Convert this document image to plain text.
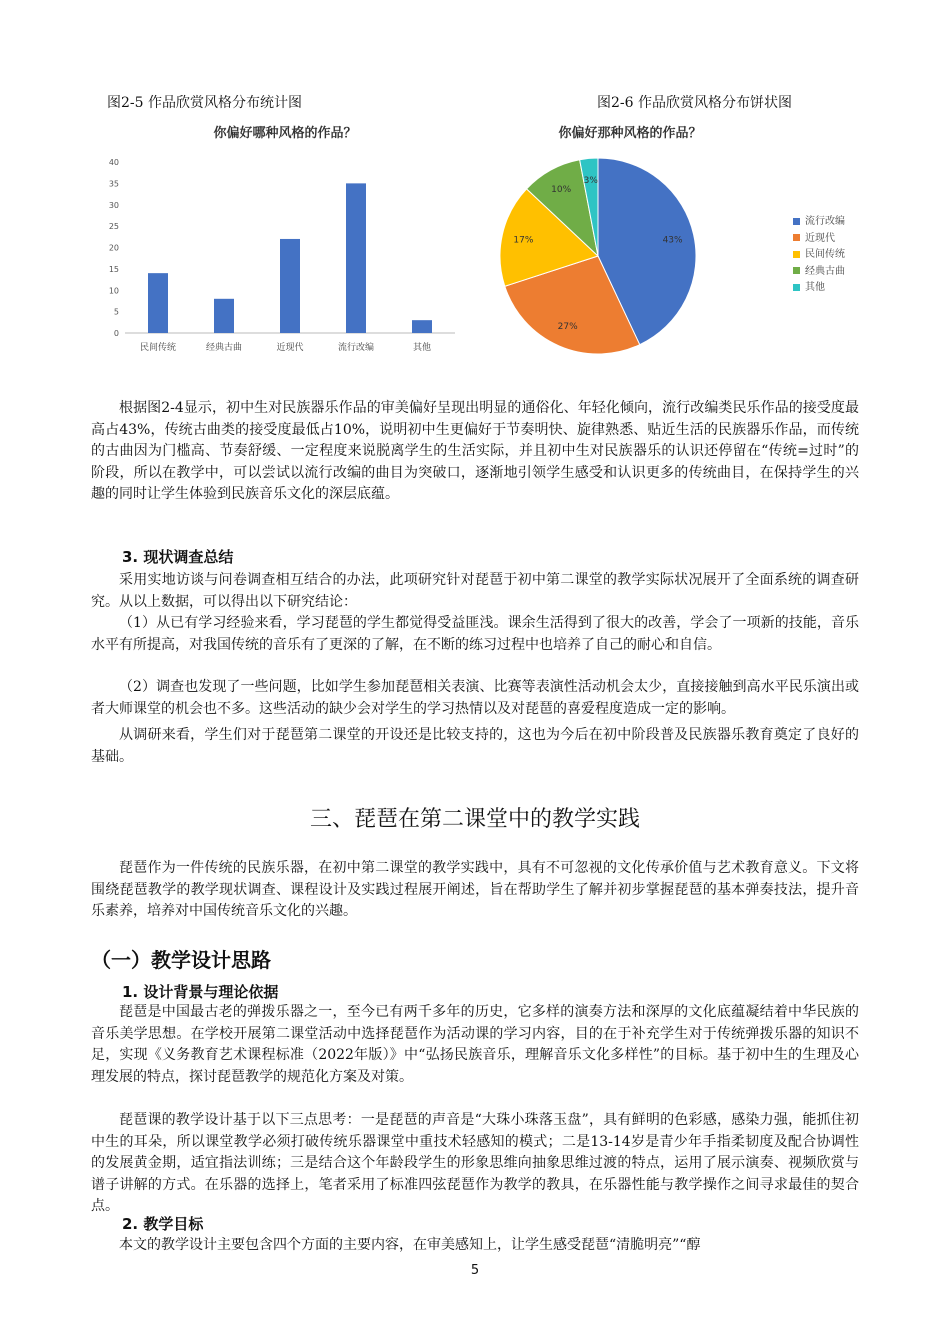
图2-5 作品欣赏风格分布统计图	图2-6 作品欣赏风格分布饼状图
你偏好哪种风格的作品？
0
5
10
15
20
25
30
35
40
民间传统	经典古曲	近现代	流行改编	其他
你偏好那种风格的作品？
43%
27%
17%
10%
3%
流行改编
近现代
民间传统
经典古曲
其他
根据图2-4显示，初中生对民族器乐作品的审美偏好呈现出明显的通俗化、年轻化倾向，流行改编类民乐作品的接受度最高占43%，传统古曲类的接受度最低占10%，说明初中生更偏好于节奏明快、旋律熟悉、贴近生活的民族器乐作品，而传统的古曲因为门槛高、节奏舒缓、一定程度来说脱离学生的生活实际，并且初中生对民族器乐的认识还停留在“传统=过时”的阶段，所以在教学中，可以尝试以流行改编的曲目为突破口，逐渐地引领学生感受和认识更多的传统曲目，在保持学生的兴趣的同时让学生体验到民族音乐文化的深层底蕴。
3. 现状调查总结
采用实地访谈与问卷调查相互结合的办法，此项研究针对琵琶于初中第二课堂的教学实际状况展开了全面系统的调查研究。从以上数据，可以得出以下研究结论：
（1）从已有学习经验来看，学习琵琶的学生都觉得受益匪浅。课余生活得到了很大的改善，学会了一项新的技能，音乐水平有所提高，对我国传统的音乐有了更深的了解，在不断的练习过程中也培养了自己的耐心和自信。
（2）调查也发现了一些问题，比如学生参加琵琶相关表演、比赛等表演性活动机会太少，直接接触到高水平民乐演出或者大师课堂的机会也不多。这些活动的缺少会对学生的学习热情以及对琵琶的喜爱程度造成一定的影响。
从调研来看，学生们对于琵琶第二课堂的开设还是比较支持的，这也为今后在初中阶段普及民族器乐教育奠定了良好的基础。
三、琵琶在第二课堂中的教学实践
琵琶作为一件传统的民族乐器，在初中第二课堂的教学实践中，具有不可忽视的文化传承价值与艺术教育意义。下文将围绕琵琶教学的教学现状调查、课程设计及实践过程展开阐述，旨在帮助学生了解并初步掌握琵琶的基本弹奏技法，提升音乐素养，培养对中国传统音乐文化的兴趣。
（一）教学设计思路
1. 设计背景与理论依据
琵琶是中国最古老的弹拨乐器之一，至今已有两千多年的历史，它多样的演奏方法和深厚的文化底蕴凝结着中华民族的音乐美学思想。在学校开展第二课堂活动中选择琵琶作为活动课的学习内容，目的在于补充学生对于传统弹拨乐器的知识不足，实现《义务教育艺术课程标准（2022年版）》中“弘扬民族音乐，理解音乐文化多样性”的目标。基于初中生的生理及心理发展的特点，探讨琵琶教学的规范化方案及对策。
琵琶课的教学设计基于以下三点思考：一是琵琶的声音是“大珠小珠落玉盘”，具有鲜明的色彩感，感染力强，能抓住初中生的耳朵，所以课堂教学必须打破传统乐器课堂中重技术轻感知的模式；二是13-14岁是青少年手指柔韧度及配合协调性的发展黄金期，适宜指法训练；三是结合这个年龄段学生的形象思维向抽象思维过渡的特点，运用了展示演奏、视频欣赏与谱子讲解的方式。在乐器的选择上，笔者采用了标准四弦琵琶作为教学的教具，在乐器性能与教学操作之间寻求最佳的契合点。
2. 教学目标
本文的教学设计主要包含四个方面的主要内容，在审美感知上，让学生感受琵琶“清脆明亮”“醇
5
